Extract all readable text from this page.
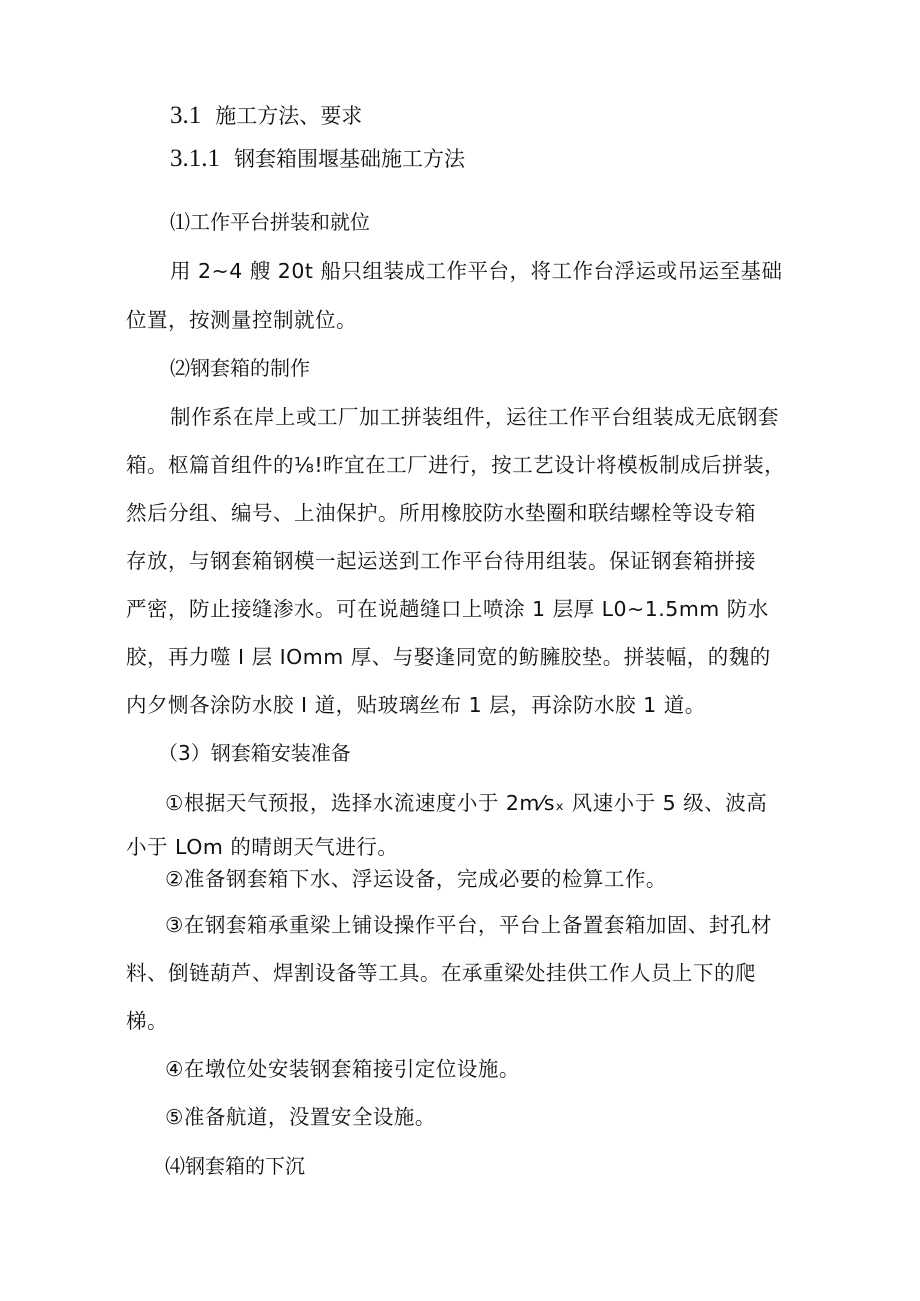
3.1 施工方法、要求
3.1.1 钢套箱围堰基础施工方法
⑴工作平台拼装和就位
用 2~4 艘 20t 船只组装成工作平台，将工作台浮运或吊运至基础
位置，按测量控制就位。
⑵钢套箱的制作
制作系在岸上或工厂加工拼装组件，运往工作平台组装成无底钢套
箱。枢篇首组件的⅛!昨宜在工厂进行，按工艺设计将模板制成后拼装，
然后分组、编号、上油保护。所用橡胶防水垫圈和联结螺栓等设专箱
存放，与钢套箱钢模一起运送到工作平台待用组装。保证钢套箱拼接
严密，防止接缝渗水。可在说趟缝口上喷涂 1 层厚 L0~1.5mm 防水
胶，再力噬 I 层 IOmm 厚、与娶逢同宽的鲂臃胶垫。拼装幅，的魏的
内夕恻各涂防水胶 I 道，贴玻璃丝布 1 层，再涂防水胶 1 道。
（3）钢套箱安装准备
①根据天气预报，选择水流速度小于 2m⁄sₓ 风速小于 5 级、波高
小于 LOm 的晴朗天气进行。
②准备钢套箱下水、浮运设备，完成必要的检算工作。
③在钢套箱承重梁上铺设操作平台，平台上备置套箱加固、封孔材
料、倒链葫芦、焊割设备等工具。在承重梁处挂供工作人员上下的爬
梯。
④在墩位处安装钢套箱接引定位设施。
⑤准备航道，没置安全设施。
⑷钢套箱的下沉
